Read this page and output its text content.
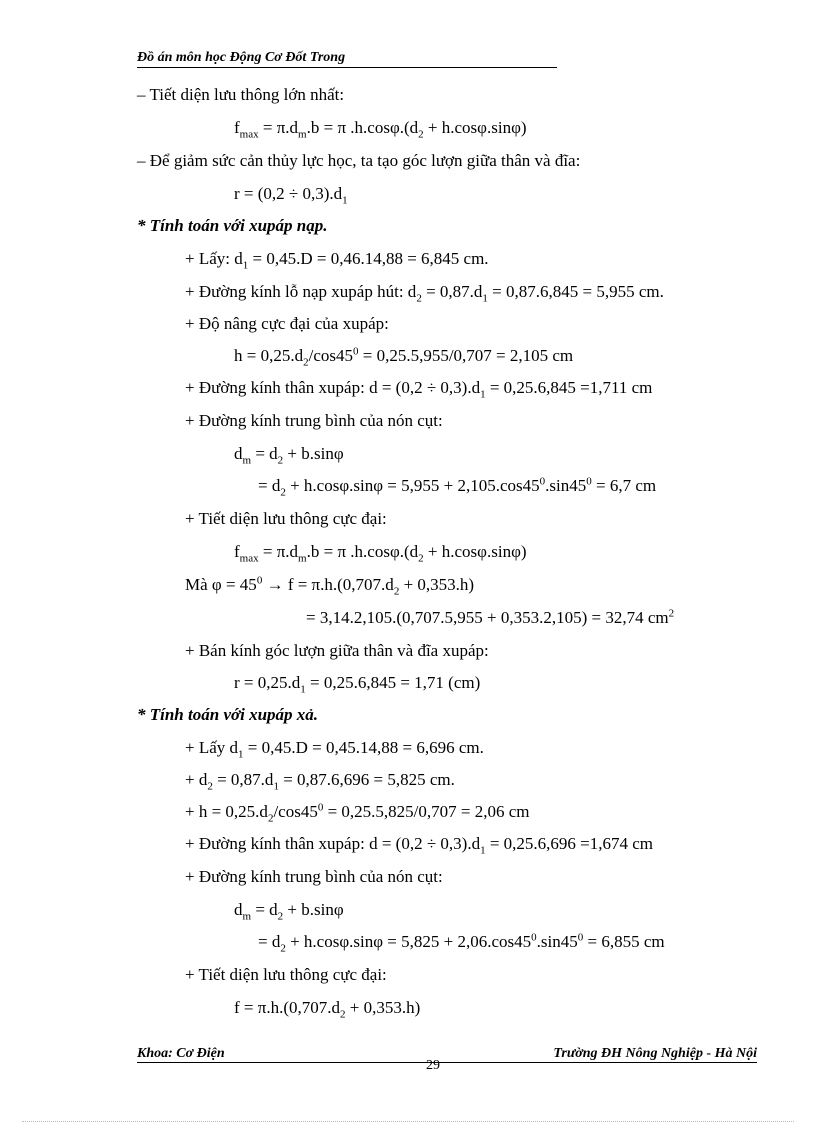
Đồ án môn học Động Cơ Đốt Trong
– Tiết diện lưu thông lớn nhất:
$f_{max} = \pi.d_m.b = \pi$ $.h.\cos\varphi.(d_2 + h.\cos\varphi.\sin\varphi)$
– Để giảm sức cản thủy lực học, ta tạo góc lượn giữa thân và đĩa:
$r = (0,2 \div 0,3).d_1$
* Tính toán với xupáp nạp.
+ Lấy: $d_1 = 0,45.D = 0,46.14,88 = 6,845$ cm.
+ Đường kính lỗ nạp xupáp hút: $d_2 = 0,87.d_1 = 0,87.6,845 = 5,955$ cm.
+ Độ nâng cực đại của xupáp:
$h = 0,25.d_2/\cos 45^0 = 0,25.5,955/0,707 = 2,105$ cm
+ Đường kính thân xupáp: $d = (0,2 \div 0,3).d_1 = 0,25.6,845 =1,711$ cm
+ Đường kính trung bình của nón cụt:
$d_m = d_2 + b.\sin\varphi$
= $d_2 + h.\cos\varphi.\sin\varphi = 5,955 + 2,105.\cos 45^0.\sin 45^0 = 6,7$ cm
+ Tiết diện lưu thông cực đại:
$f_{max} = \pi.d_m.b = \pi$ $.h.\cos\varphi.(d_2 + h.\cos\varphi.\sin\varphi)$
Mà $\varphi = 45^0 \to f = \pi.h.(0,707.d_2 + 0,353.h)$
= 3,14.2,105.(0,707.5,955 + 0,353.2,105) = 32,74 $cm^2$
+ Bán kính góc lượn giữa thân và đĩa xupáp:
$r = 0,25.d_1 = 0,25.6,845 = 1,71$ (cm)
* Tính toán với xupáp xả.
+ Lấy $d_1 = 0,45.D = 0,45.14,88 = 6,696$ cm.
+ $d_2 = 0,87.d_1 = 0,87.6,696 = 5,825$ cm.
+ $h = 0,25.d_2/\cos 45^0 = 0,25.5,825/0,707 = 2,06$ cm
+ Đường kính thân xupáp: $d = (0,2 \div 0,3).d_1 = 0,25.6,696 =1,674$ cm
+ Đường kính trung bình của nón cụt:
$d_m = d_2 + b.\sin\varphi$
= $d_2 + h.\cos\varphi.\sin\varphi = 5,825 + 2,06.\cos 45^0.\sin 45^0 = 6,855$ cm
+ Tiết diện lưu thông cực đại:
$f = \pi.h.(0,707.d_2 + 0,353.h)$
Khoa: Cơ Điện	Trường ĐH Nông Nghiệp - Hà Nội
29
